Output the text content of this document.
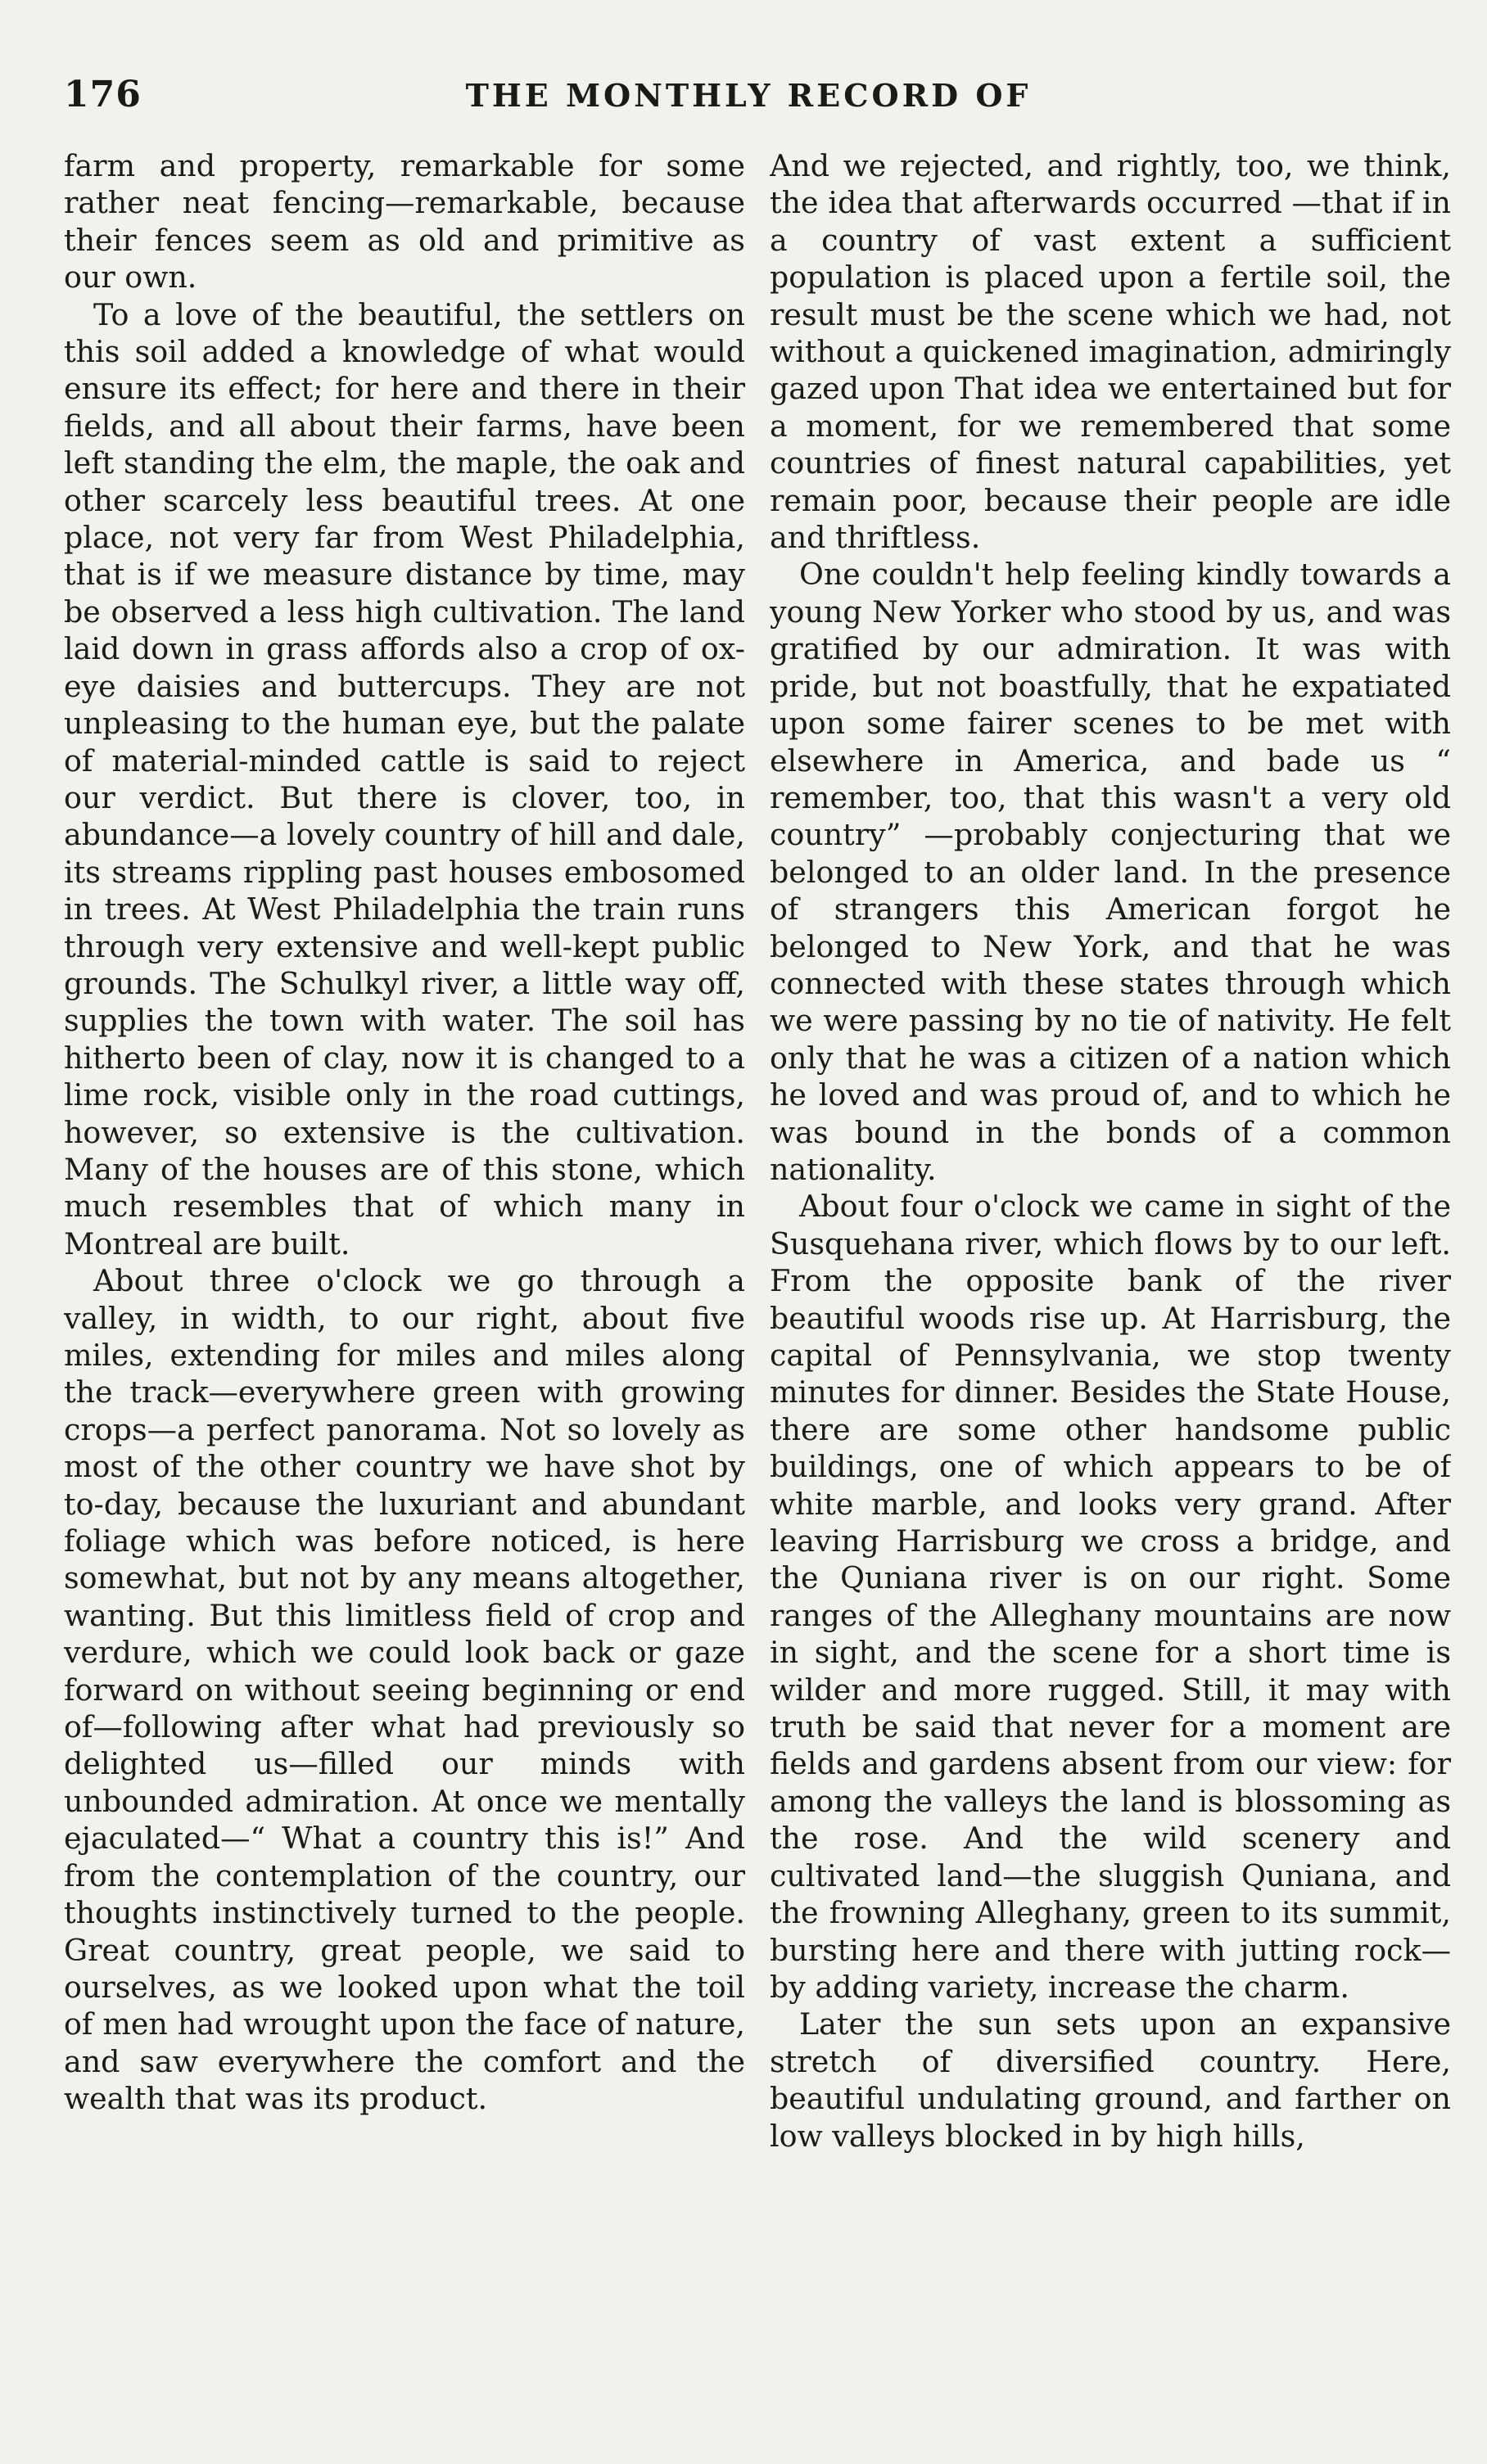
176	THE MONTHLY RECORD OF

farm and property, remarkable for some rather neat fencing—remarkable, because their fences seem as old and primitive as our own.

To a love of the beautiful, the settlers on this soil added a knowledge of what would ensure its effect; for here and there in their fields, and all about their farms, have been left standing the elm, the maple, the oak and other scarcely less beautiful trees. At one place, not very far from West Philadelphia, that is if we measure distance by time, may be observed a less high cultivation. The land laid down in grass affords also a crop of ox-eye daisies and buttercups. They are not unpleasing to the human eye, but the palate of material-minded cattle is said to reject our verdict. But there is clover, too, in abundance—a lovely country of hill and dale, its streams rippling past houses embosomed in trees. At West Philadelphia the train runs through very extensive and well-kept public grounds. The Schulkyl river, a little way off, supplies the town with water. The soil has hitherto been of clay, now it is changed to a lime rock, visible only in the road cuttings, however, so extensive is the cultivation. Many of the houses are of this stone, which much resembles that of which many in Montreal are built.

About three o'clock we go through a valley, in width, to our right, about five miles, extending for miles and miles along the track—everywhere green with growing crops—a perfect panorama. Not so lovely as most of the other country we have shot by to-day, because the luxuriant and abundant foliage which was before noticed, is here somewhat, but not by any means altogether, wanting. But this limitless field of crop and verdure, which we could look back or gaze forward on without seeing beginning or end of—following after what had previously so delighted us—filled our minds with unbounded admiration. At once we mentally ejaculated—“ What a country this is!” And from the contemplation of the country, our thoughts instinctively turned to the people. Great country, great people, we said to ourselves, as we looked upon what the toil of men had wrought upon the face of nature, and saw everywhere the comfort and the wealth that was its product.

And we rejected, and rightly, too, we think, the idea that afterwards occurred —that if in a country of vast extent a sufficient population is placed upon a fertile soil, the result must be the scene which we had, not without a quickened imagination, admiringly gazed upon That idea we entertained but for a moment, for we remembered that some countries of finest natural capabilities, yet remain poor, because their people are idle and thriftless.

One couldn't help feeling kindly towards a young New Yorker who stood by us, and was gratified by our admiration. It was with pride, but not boastfully, that he expatiated upon some fairer scenes to be met with elsewhere in America, and bade us “ remember, too, that this wasn't a very old country” —probably conjecturing that we belonged to an older land. In the presence of strangers this American forgot he belonged to New York, and that he was connected with these states through which we were passing by no tie of nativity. He felt only that he was a citizen of a nation which he loved and was proud of, and to which he was bound in the bonds of a common nationality.

About four o'clock we came in sight of the Susquehana river, which flows by to our left. From the opposite bank of the river beautiful woods rise up. At Harrisburg, the capital of Pennsylvania, we stop twenty minutes for dinner. Besides the State House, there are some other handsome public buildings, one of which appears to be of white marble, and looks very grand. After leaving Harrisburg we cross a bridge, and the Quniana river is on our right. Some ranges of the Alleghany mountains are now in sight, and the scene for a short time is wilder and more rugged. Still, it may with truth be said that never for a moment are fields and gardens absent from our view: for among the valleys the land is blossoming as the rose. And the wild scenery and cultivated land—the sluggish Quniana, and the frowning Alleghany, green to its summit, bursting here and there with jutting rock—by adding variety, increase the charm.

Later the sun sets upon an expansive stretch of diversified country. Here, beautiful undulating ground, and farther on low valleys blocked in by high hills,
